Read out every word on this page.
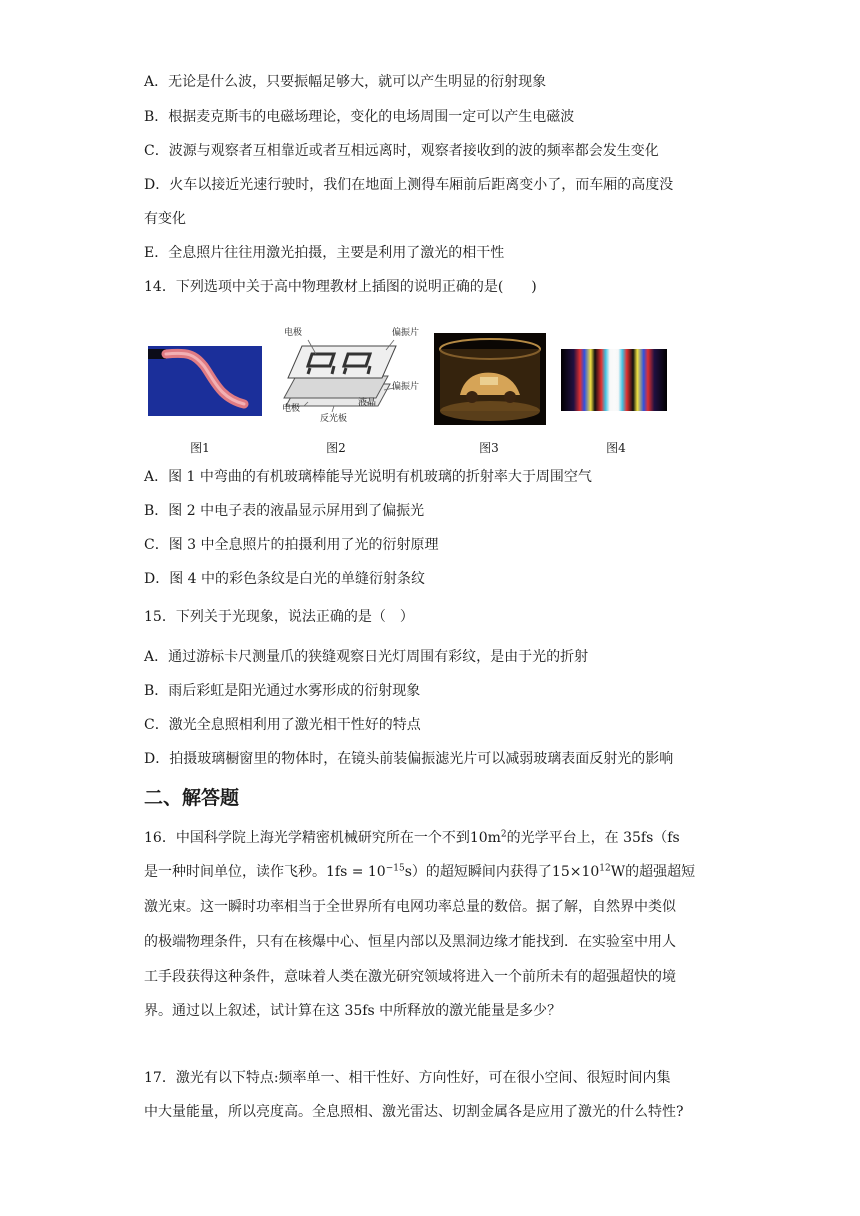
A．无论是什么波，只要振幅足够大，就可以产生明显的衍射现象
B．根据麦克斯韦的电磁场理论，变化的电场周围一定可以产生电磁波
C．波源与观察者互相靠近或者互相远离时，观察者接收到的波的频率都会发生变化
D．火车以接近光速行驶时，我们在地面上测得车厢前后距离变小了，而车厢的高度没
有变化
E．全息照片往往用激光拍摄，主要是利用了激光的相干性
14．下列选项中关于高中物理教材上插图的说明正确的是(　　)
电极	偏振片
偏振片
电极
反光板
液晶
图1	图2	图3	图4
A．图 1 中弯曲的有机玻璃棒能导光说明有机玻璃的折射率大于周围空气
B．图 2 中电子表的液晶显示屏用到了偏振光
C．图 3 中全息照片的拍摄利用了光的衍射原理
D．图 4 中的彩色条纹是白光的单缝衍射条纹
15．下列关于光现象，说法正确的是（　）
A．通过游标卡尺测量爪的狭缝观察日光灯周围有彩纹，是由于光的折射
B．雨后彩虹是阳光通过水雾形成的衍射现象
C．激光全息照相利用了激光相干性好的特点
D．拍摄玻璃橱窗里的物体时，在镜头前装偏振滤光片可以减弱玻璃表面反射光的影响
二、解答题
16．中国科学院上海光学精密机械研究所在一个不到$10m^2$的光学平台上，在 35fs（fs
是一种时间单位，读作飞秒。$1fs = 10^{-15}s$）的超短瞬间内获得了$15\times 10^{12}W$的超强超短
激光束。这一瞬时功率相当于全世界所有电网功率总量的数倍。据了解，自然界中类似
的极端物理条件，只有在核爆中心、恒星内部以及黑洞边缘才能找到．在实验室中用人
工手段获得这种条件，意味着人类在激光研究领域将进入一个前所未有的超强超快的境
界。通过以上叙述，试计算在这 35fs 中所释放的激光能量是多少？
17．激光有以下特点:频率单一、相干性好、方向性好，可在很小空间、很短时间内集
中大量能量，所以亮度高。全息照相、激光雷达、切割金属各是应用了激光的什么特性?
